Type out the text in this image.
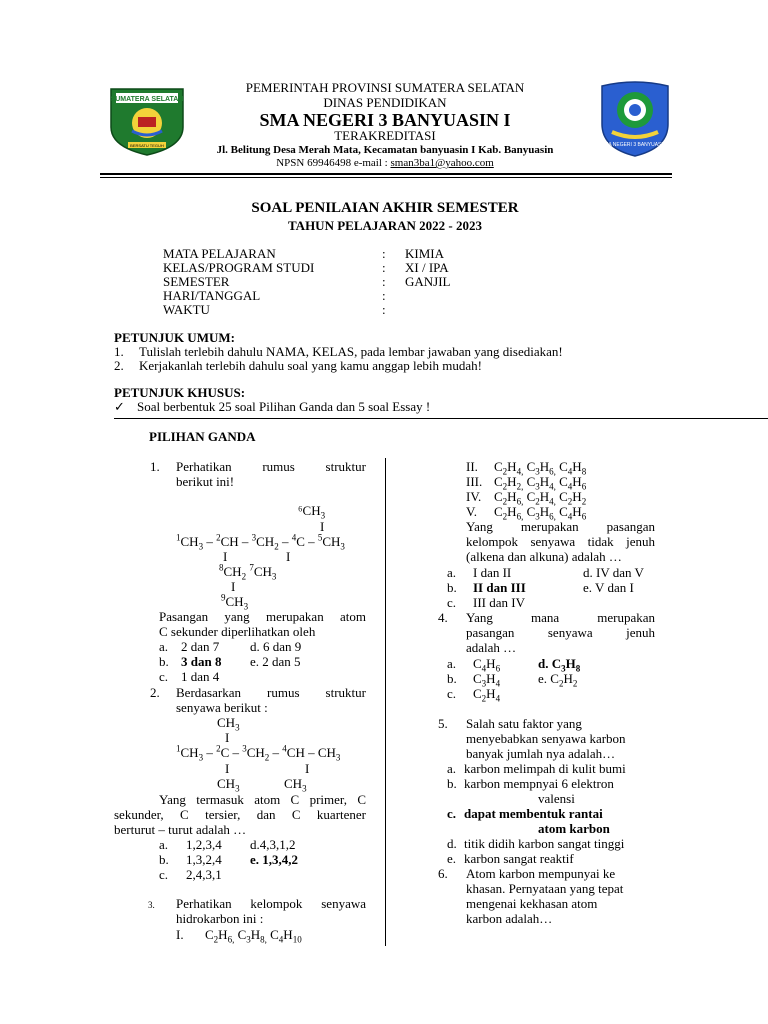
SUMATERA SELATAN
BERSATU TEGUH	SMA NEGERI 3 BANYUASIN I
PEMERINTAH PROVINSI SUMATERA SELATAN
DINAS PENDIDIKAN
SMA NEGERI 3 BANYUASIN I
TERAKREDITASI
Jl. Belitung Desa Merah Mata, Kecamatan banyuasin I Kab. Banyuasin
NPSN 69946498 e-mail : sman3ba1@yahoo.com
SOAL PENILAIAN AKHIR SEMESTER
TAHUN PELAJARAN 2022 - 2023
MATA PELAJARAN	: KIMIA
KELAS/PROGRAM STUDI	: XI / IPA
SEMESTER	: GANJIL
HARI/TANGGAL	:
WAKTU	:
PETUNJUK UMUM:
1. Tulislah terlebih dahulu NAMA, KELAS, pada lembar jawaban yang disediakan!
2. Kerjakanlah terlebih dahulu soal yang kamu anggap lebih mudah!
PETUNJUK KHUSUS:
✓ Soal berbentuk 25 soal Pilihan Ganda dan 5 soal Essay !
PILIHAN GANDA
1. Perhatikan rumus struktur
berikut ini!
$^6CH_3$
I
$^1CH_3 - ^2CH - ^3CH_2 - ^4C - ^5CH_3$
I	I
$^8CH_2$ $^7CH_3$
I
$^9CH_3$
Pasangan yang merupakan atom
C sekunder diperlihatkan oleh
a. 2 dan 7 d. 6 dan 9
b. 3 dan 8 e. 2 dan 5
c. 1 dan 4
2. Berdasarkan rumus struktur
senyawa berikut :
$CH_3$
I
$^1CH_3 - ^2C - ^3CH_2 - ^4CH - CH_3$
I	I
$CH_3$	$CH_3$
Yang termasuk atom C primer, C
sekunder, C tersier, dan C kuartener
berturut – turut adalah …
a. 1,2,3,4 d.4,3,1,2
b. 1,3,2,4 e. 1,3,4,2
c. 2,4,3,1
3. Perhatikan kelompok senyawa
hidrokarbon ini :
I. $C_2H_{6,}$ $C_3H_{8,}$ $C_4H_{10}$
II. $C_2H_{4,}$ $C_3H_{6,}$ $C_4H_8$
III. $C_2H_{2,}$ $C_3H_{4,}$ $C_4H_6$
IV. $C_2H_{6,}$ $C_2H_{4,}$ $C_2H_2$
V. $C_2H_{6,}$ $C_3H_{6,}$ $C_4H_6$
Yang merupakan pasangan
kelompok senyawa tidak jenuh
(alkena dan alkuna) adalah …
a. I dan II	d. IV dan V
b. II dan III	e. V dan I
c. III dan IV
4. Yang mana merupakan
pasangan senyawa jenuh
adalah …
a. $C_4H_6$	d. $C_3H_8$
b. $C_3H_4$	e. $C_2H_2$
c. $C_2H_4$
5. Salah satu faktor yang
menyebabkan senyawa karbon
banyak jumlah nya adalah…
a. karbon melimpah di kulit bumi
b. karbon mempnyai 6 elektron
valensi
c. dapat membentuk rantai
atom karbon
d. titik didih karbon sangat tinggi
e. karbon sangat reaktif
6. Atom karbon mempunyai ke
khasan. Pernyataan yang tepat
mengenai kekhasan atom
karbon adalah…
